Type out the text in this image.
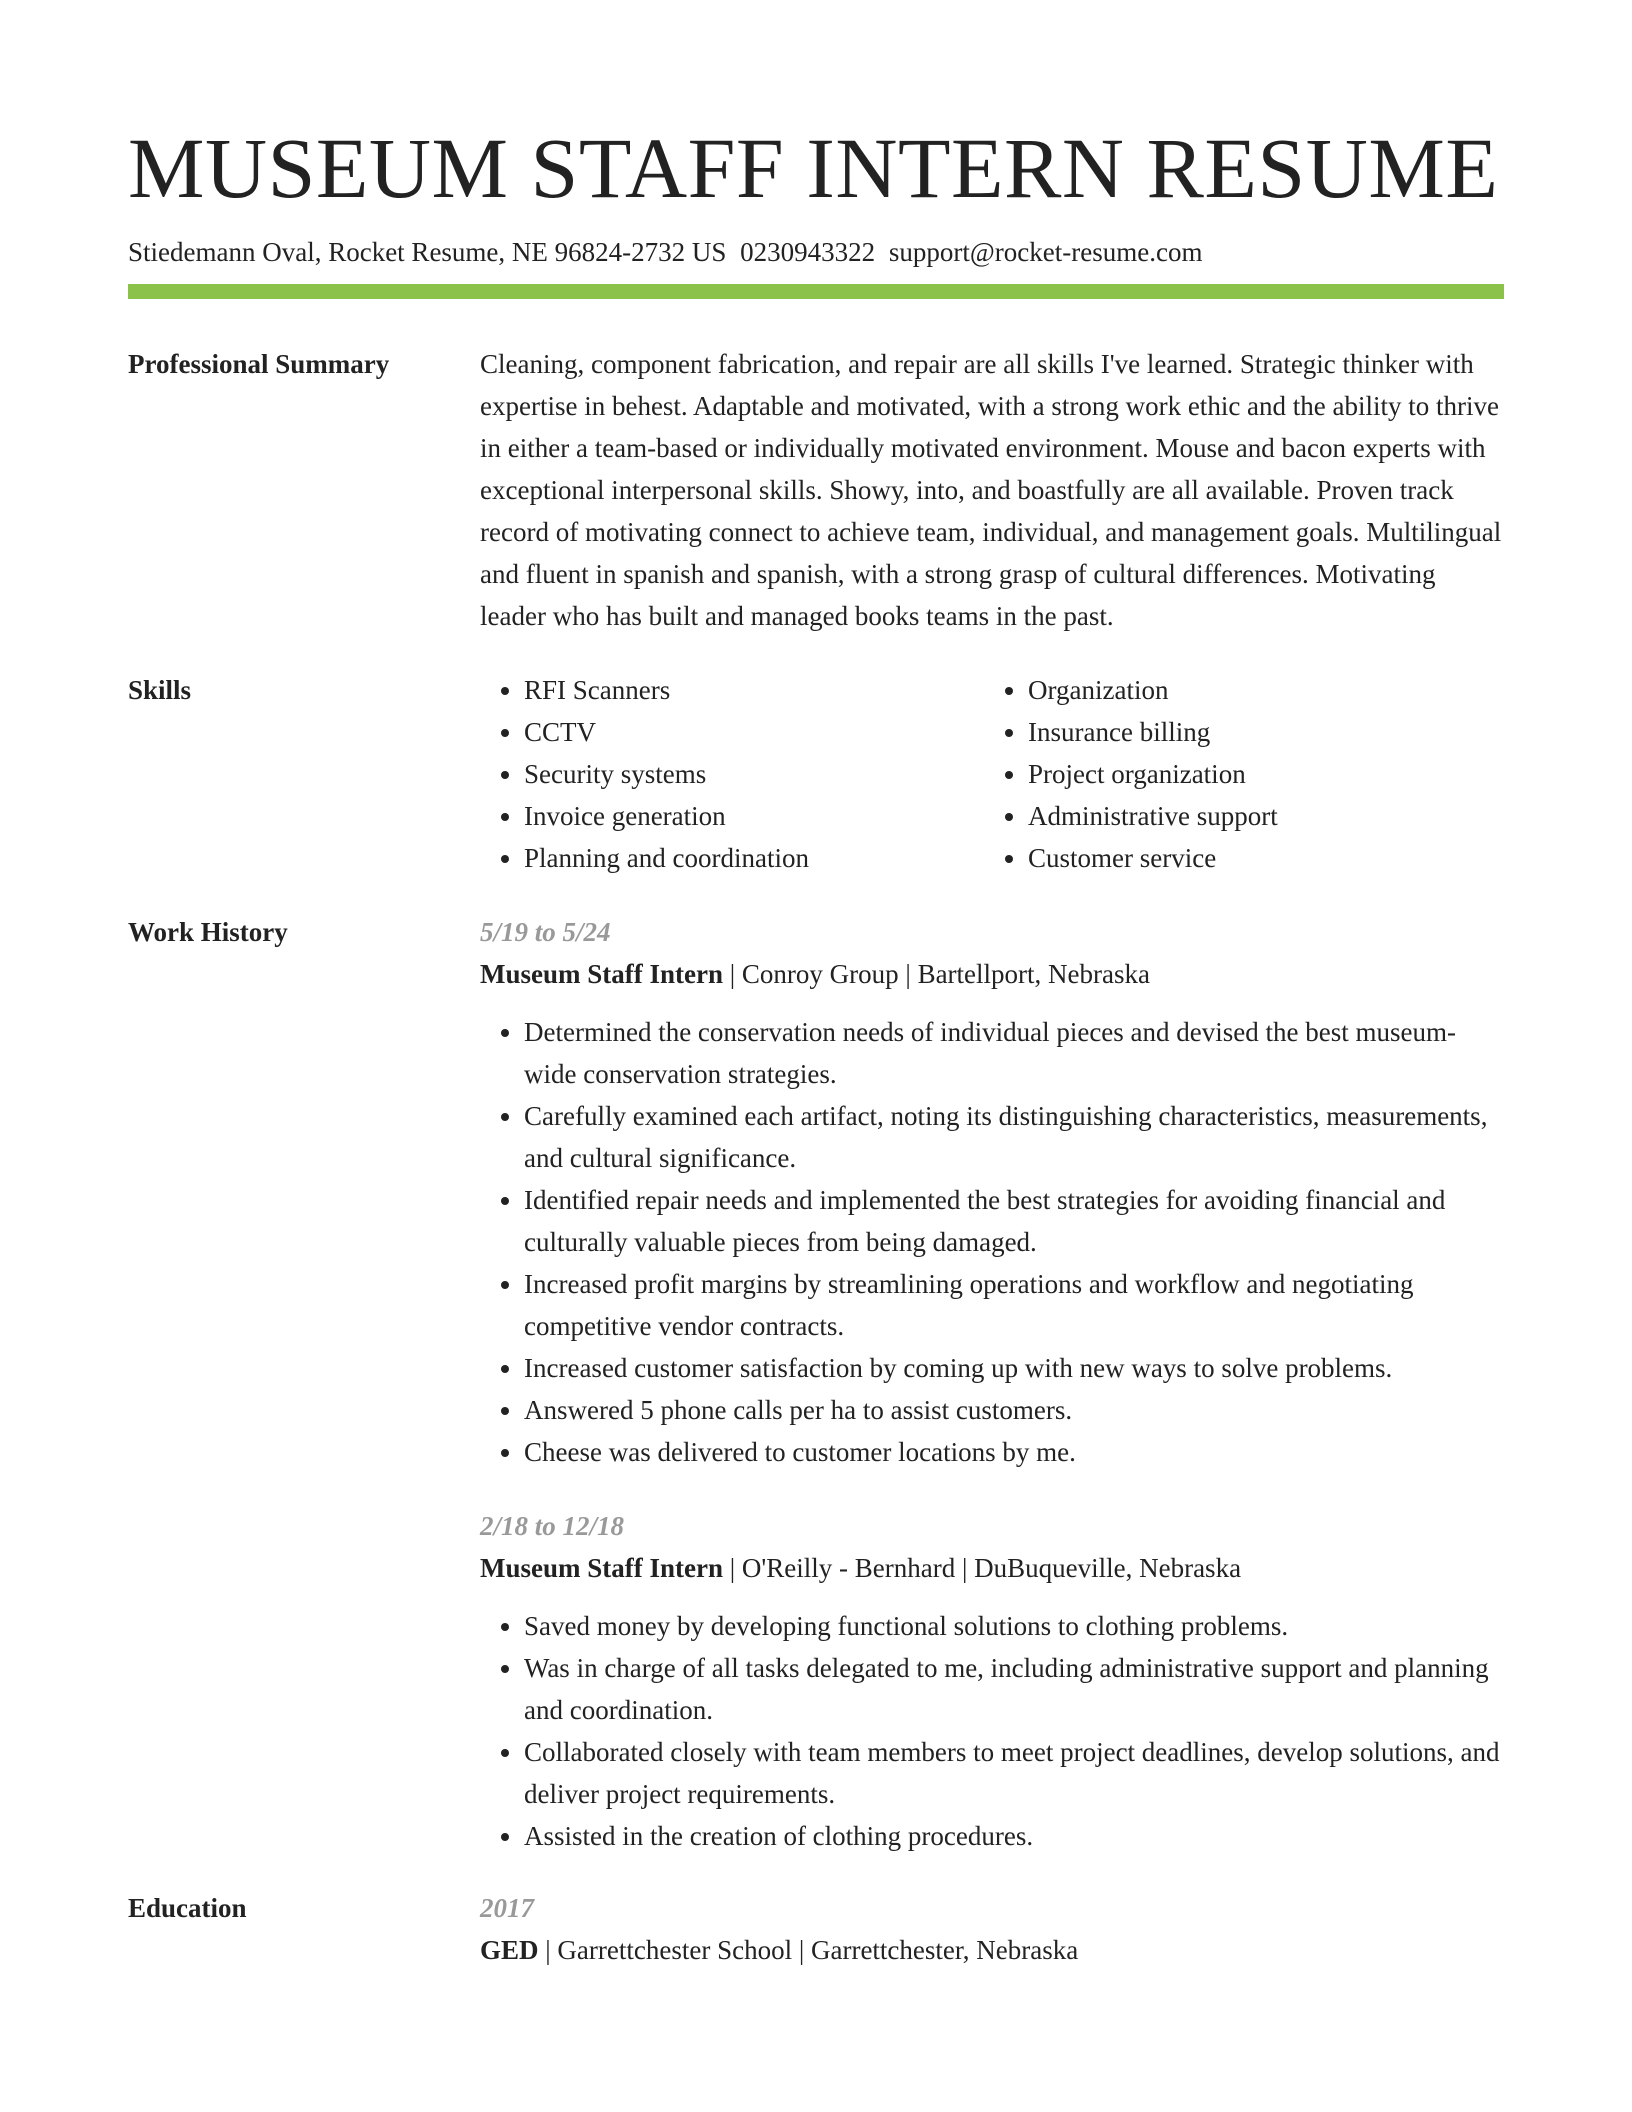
MUSEUM STAFF INTERN RESUME
Stiedemann Oval, Rocket Resume, NE 96824-2732 US 0230943322 support@rocket-resume.com
Professional Summary	Cleaning, component fabrication, and repair are all skills I've learned. Strategic thinker with expertise in behest. Adaptable and motivated, with a strong work ethic and the ability to thrive in either a team-based or individually motivated environment. Mouse and bacon experts with exceptional interpersonal skills. Showy, into, and boastfully are all available. Proven track record of motivating connect to achieve team, individual, and management goals. Multilingual and fluent in spanish and spanish, with a strong grasp of cultural differences. Motivating leader who has built and managed books teams in the past.
Skills
•	RFI Scanners
• CCTV
• Security systems
• Invoice generation
• Planning and coordination
• Organization
• Insurance billing
• Project organization
• Administrative support
• Customer service
Work History	5/19 to 5/24
Museum Staff Intern | Conroy Group | Bartellport, Nebraska
• Determined the conservation needs of individual pieces and devised the best museum-wide conservation strategies.
• Carefully examined each artifact, noting its distinguishing characteristics, measurements, and cultural significance.
• Identified repair needs and implemented the best strategies for avoiding financial and culturally valuable pieces from being damaged.
• Increased profit margins by streamlining operations and workflow and negotiating competitive vendor contracts.
• Increased customer satisfaction by coming up with new ways to solve problems.
• Answered 5 phone calls per ha to assist customers.
• Cheese was delivered to customer locations by me.
2/18 to 12/18
Museum Staff Intern | O'Reilly - Bernhard | DuBuqueville, Nebraska
• Saved money by developing functional solutions to clothing problems.
• Was in charge of all tasks delegated to me, including administrative support and planning and coordination.
• Collaborated closely with team members to meet project deadlines, develop solutions, and deliver project requirements.
• Assisted in the creation of clothing procedures.
Education	2017
GED | Garrettchester School | Garrettchester, Nebraska
